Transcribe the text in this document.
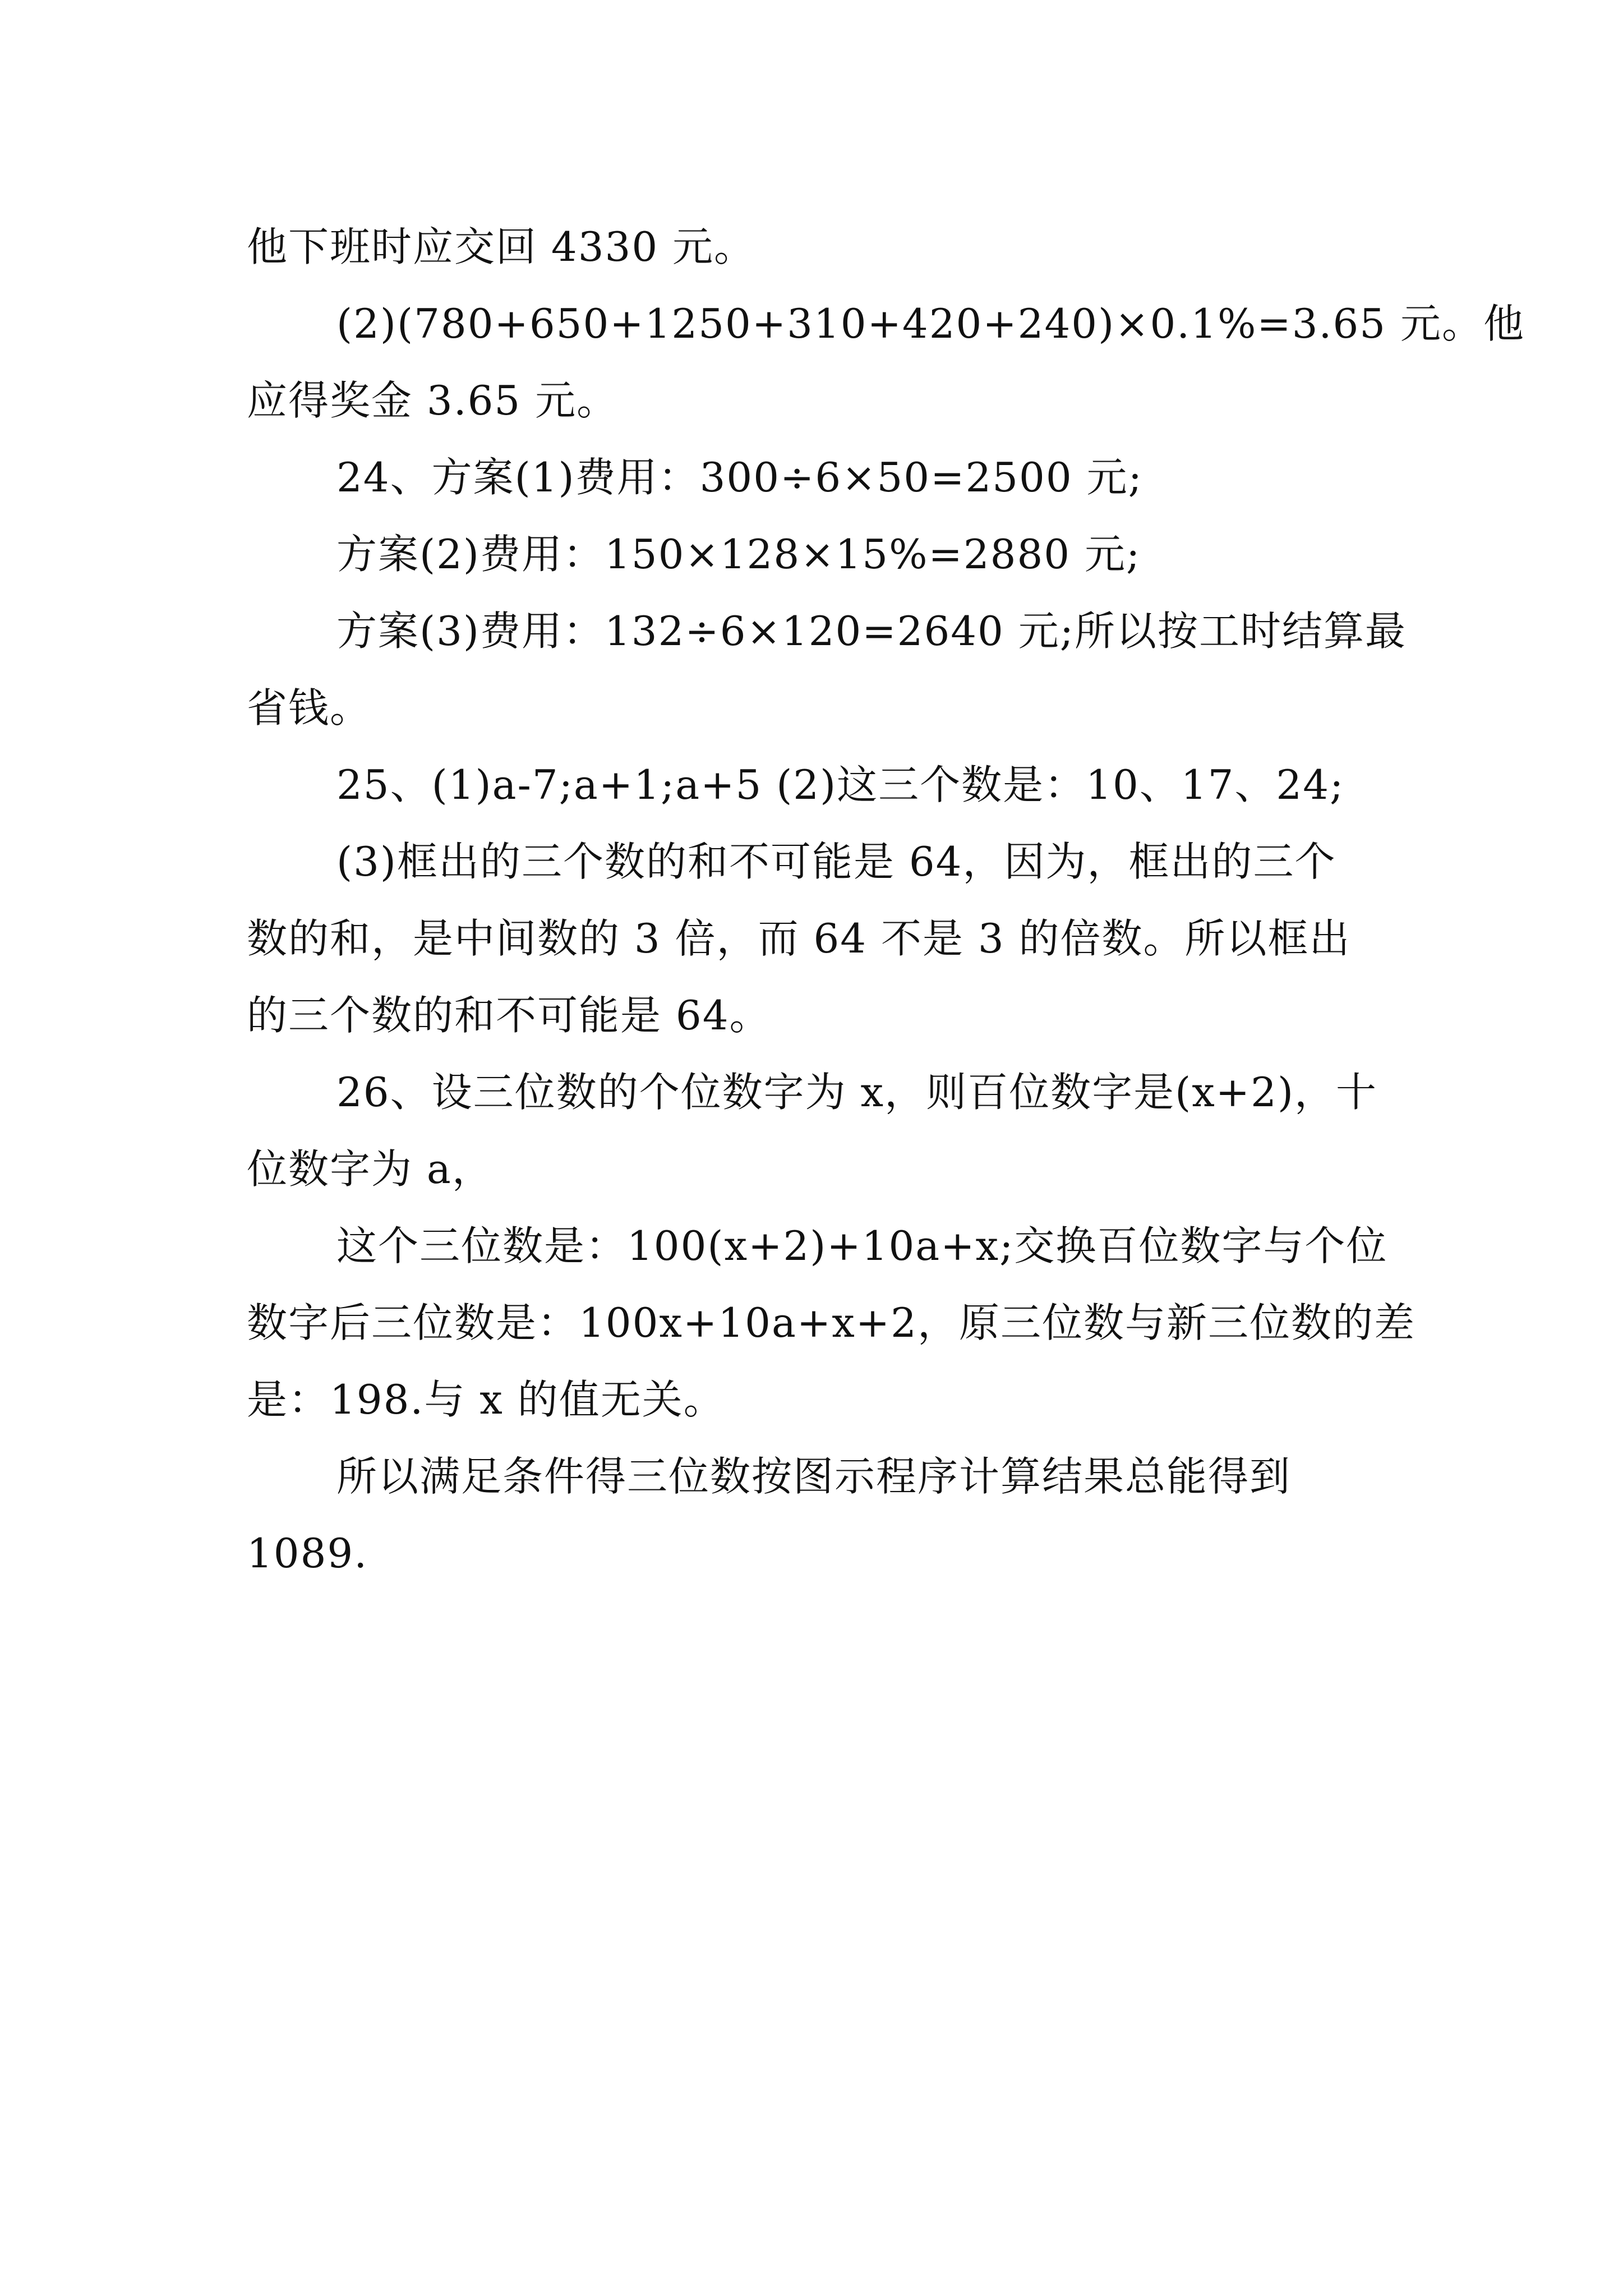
他下班时应交回 4330 元。
(2)(780+650+1250+310+420+240)×0.1%=3.65 元。他
应得奖金 3.65 元。
24、方案(1)费用：300÷6×50=2500 元;
方案(2)费用：150×128×15%=2880 元;
方案(3)费用：132÷6×120=2640 元;所以按工时结算最
省钱。
25、(1)a-7;a+1;a+5 (2)这三个数是：10、17、24;
(3)框出的三个数的和不可能是 64，因为，框出的三个
数的和，是中间数的 3 倍，而 64 不是 3 的倍数。所以框出
的三个数的和不可能是 64。
26、设三位数的个位数字为 x，则百位数字是(x+2)，十
位数字为 a，
这个三位数是：100(x+2)+10a+x;交换百位数字与个位
数字后三位数是：100x+10a+x+2，原三位数与新三位数的差
是：198.与 x 的值无关。
所以满足条件得三位数按图示程序计算结果总能得到
1089.
